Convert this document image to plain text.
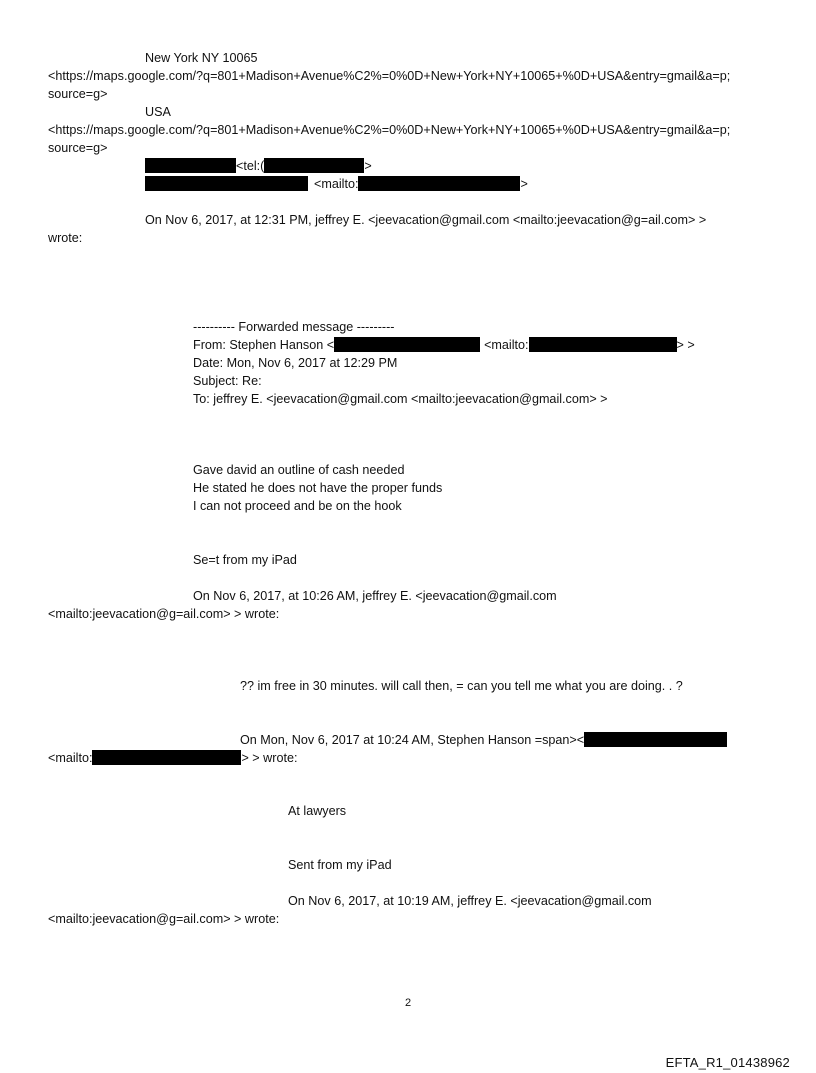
New York NY 10065
<https://maps.google.com/?q=801+Madison+Avenue%C2%=0%0D+New+York+NY+10065+%0D+USA&entry=gmail&a=p;
source=g>
USA
<https://maps.google.com/?q=801+Madison+Avenue%C2%=0%0D+New+York+NY+10065+%0D+USA&entry=gmail&a=p;
source=g>
<tel:(	>
<mailto:	>
On Nov 6, 2017, at 12:31 PM, jeffrey E. <jeevacation@gmail.com <mailto:jeevacation@g=ail.com> >
wrote:
---------- Forwarded message ---------
From: Stephen Hanson <	<mailto:	> >
Date: Mon, Nov 6, 2017 at 12:29 PM
Subject: Re:
To: jeffrey E. <jeevacation@gmail.com <mailto:jeevacation@gmail.com> >
Gave david an outline of cash needed
He stated he does not have the proper funds
I can not proceed and be on the hook
Se=t from my iPad
On Nov 6, 2017, at 10:26 AM, jeffrey E. <jeevacation@gmail.com
<mailto:jeevacation@g=ail.com> > wrote:
?? im free in 30 minutes. will call then, = can you tell me what you are doing. . ?
On Mon, Nov 6, 2017 at 10:24 AM, Stephen Hanson =span><
<mailto:	> > wrote:
At lawyers
Sent from my iPad
On Nov 6, 2017, at 10:19 AM, jeffrey E. <jeevacation@gmail.com
<mailto:jeevacation@g=ail.com> > wrote:
2
EFTA_R1_01438962
